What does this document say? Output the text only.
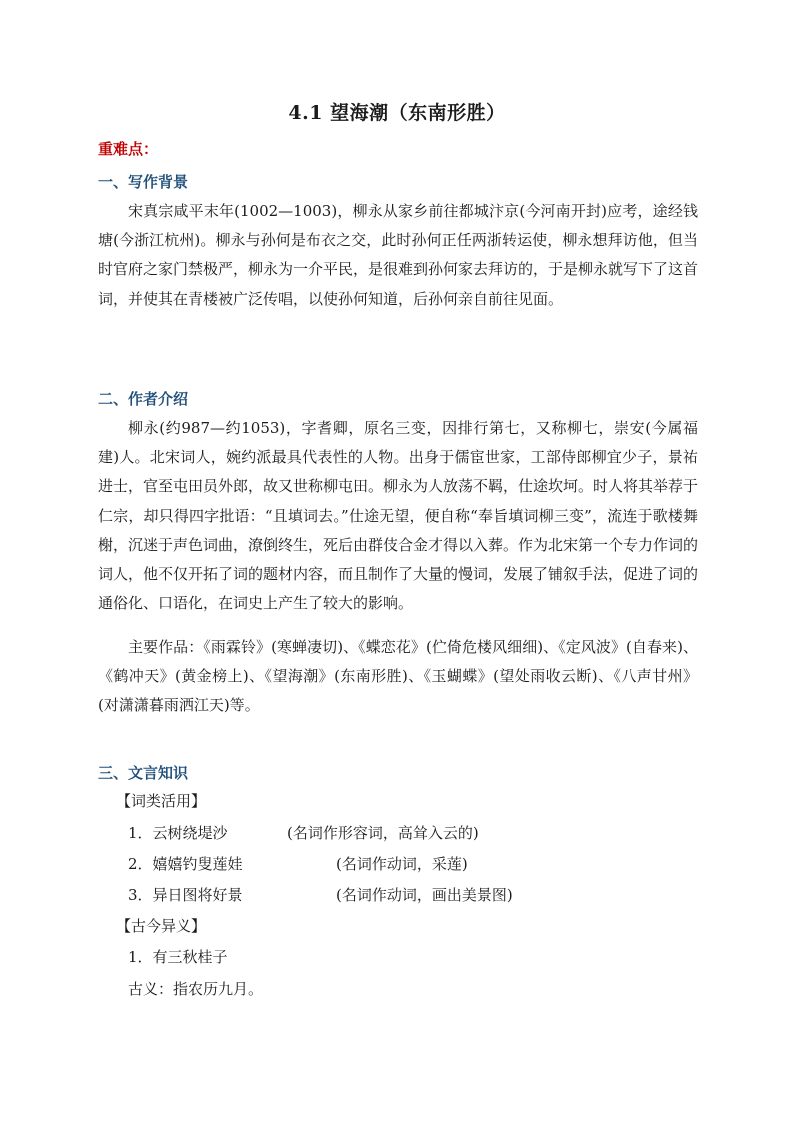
4.1 望海潮（东南形胜）
重难点：
一、写作背景
宋真宗咸平末年(1002—1003)，柳永从家乡前往都城汴京(今河南开封)应考，途经钱塘(今浙江杭州)。柳永与孙何是布衣之交，此时孙何正任两浙转运使，柳永想拜访他，但当时官府之家门禁极严，柳永为一介平民，是很难到孙何家去拜访的，于是柳永就写下了这首词，并使其在青楼被广泛传唱，以使孙何知道，后孙何亲自前往见面。
二、作者介绍
柳永(约987—约1053)，字耆卿，原名三变，因排行第七，又称柳七，崇安(今属福建)人。北宋词人，婉约派最具代表性的人物。出身于儒宦世家，工部侍郎柳宜少子，景祐进士，官至屯田员外郎，故又世称柳屯田。柳永为人放荡不羁，仕途坎坷。时人将其举荐于仁宗，却只得四字批语：“且填词去。”仕途无望，便自称“奉旨填词柳三变”，流连于歌楼舞榭，沉迷于声色词曲，潦倒终生，死后由群伎合金才得以入葬。作为北宋第一个专力作词的词人，他不仅开拓了词的题材内容，而且制作了大量的慢词，发展了铺叙手法，促进了词的通俗化、口语化，在词史上产生了较大的影响。
主要作品：《雨霖铃》(寒蝉凄切)、《蝶恋花》(伫倚危楼风细细)、《定风波》(自春来)、《鹤冲天》(黄金榜上)、《望海潮》(东南形胜)、《玉蝴蝶》(望处雨收云断)、《八声甘州》(对潇潇暮雨洒江天)等。
三、文言知识
【词类活用】
1．云树绕堤沙	(名词作形容词，高耸入云的)
2．嬉嬉钓叟莲娃	(名词作动词，采莲)
3．异日图将好景	(名词作动词，画出美景图)
【古今异义】
1．有三秋桂子
古义：指农历九月。
